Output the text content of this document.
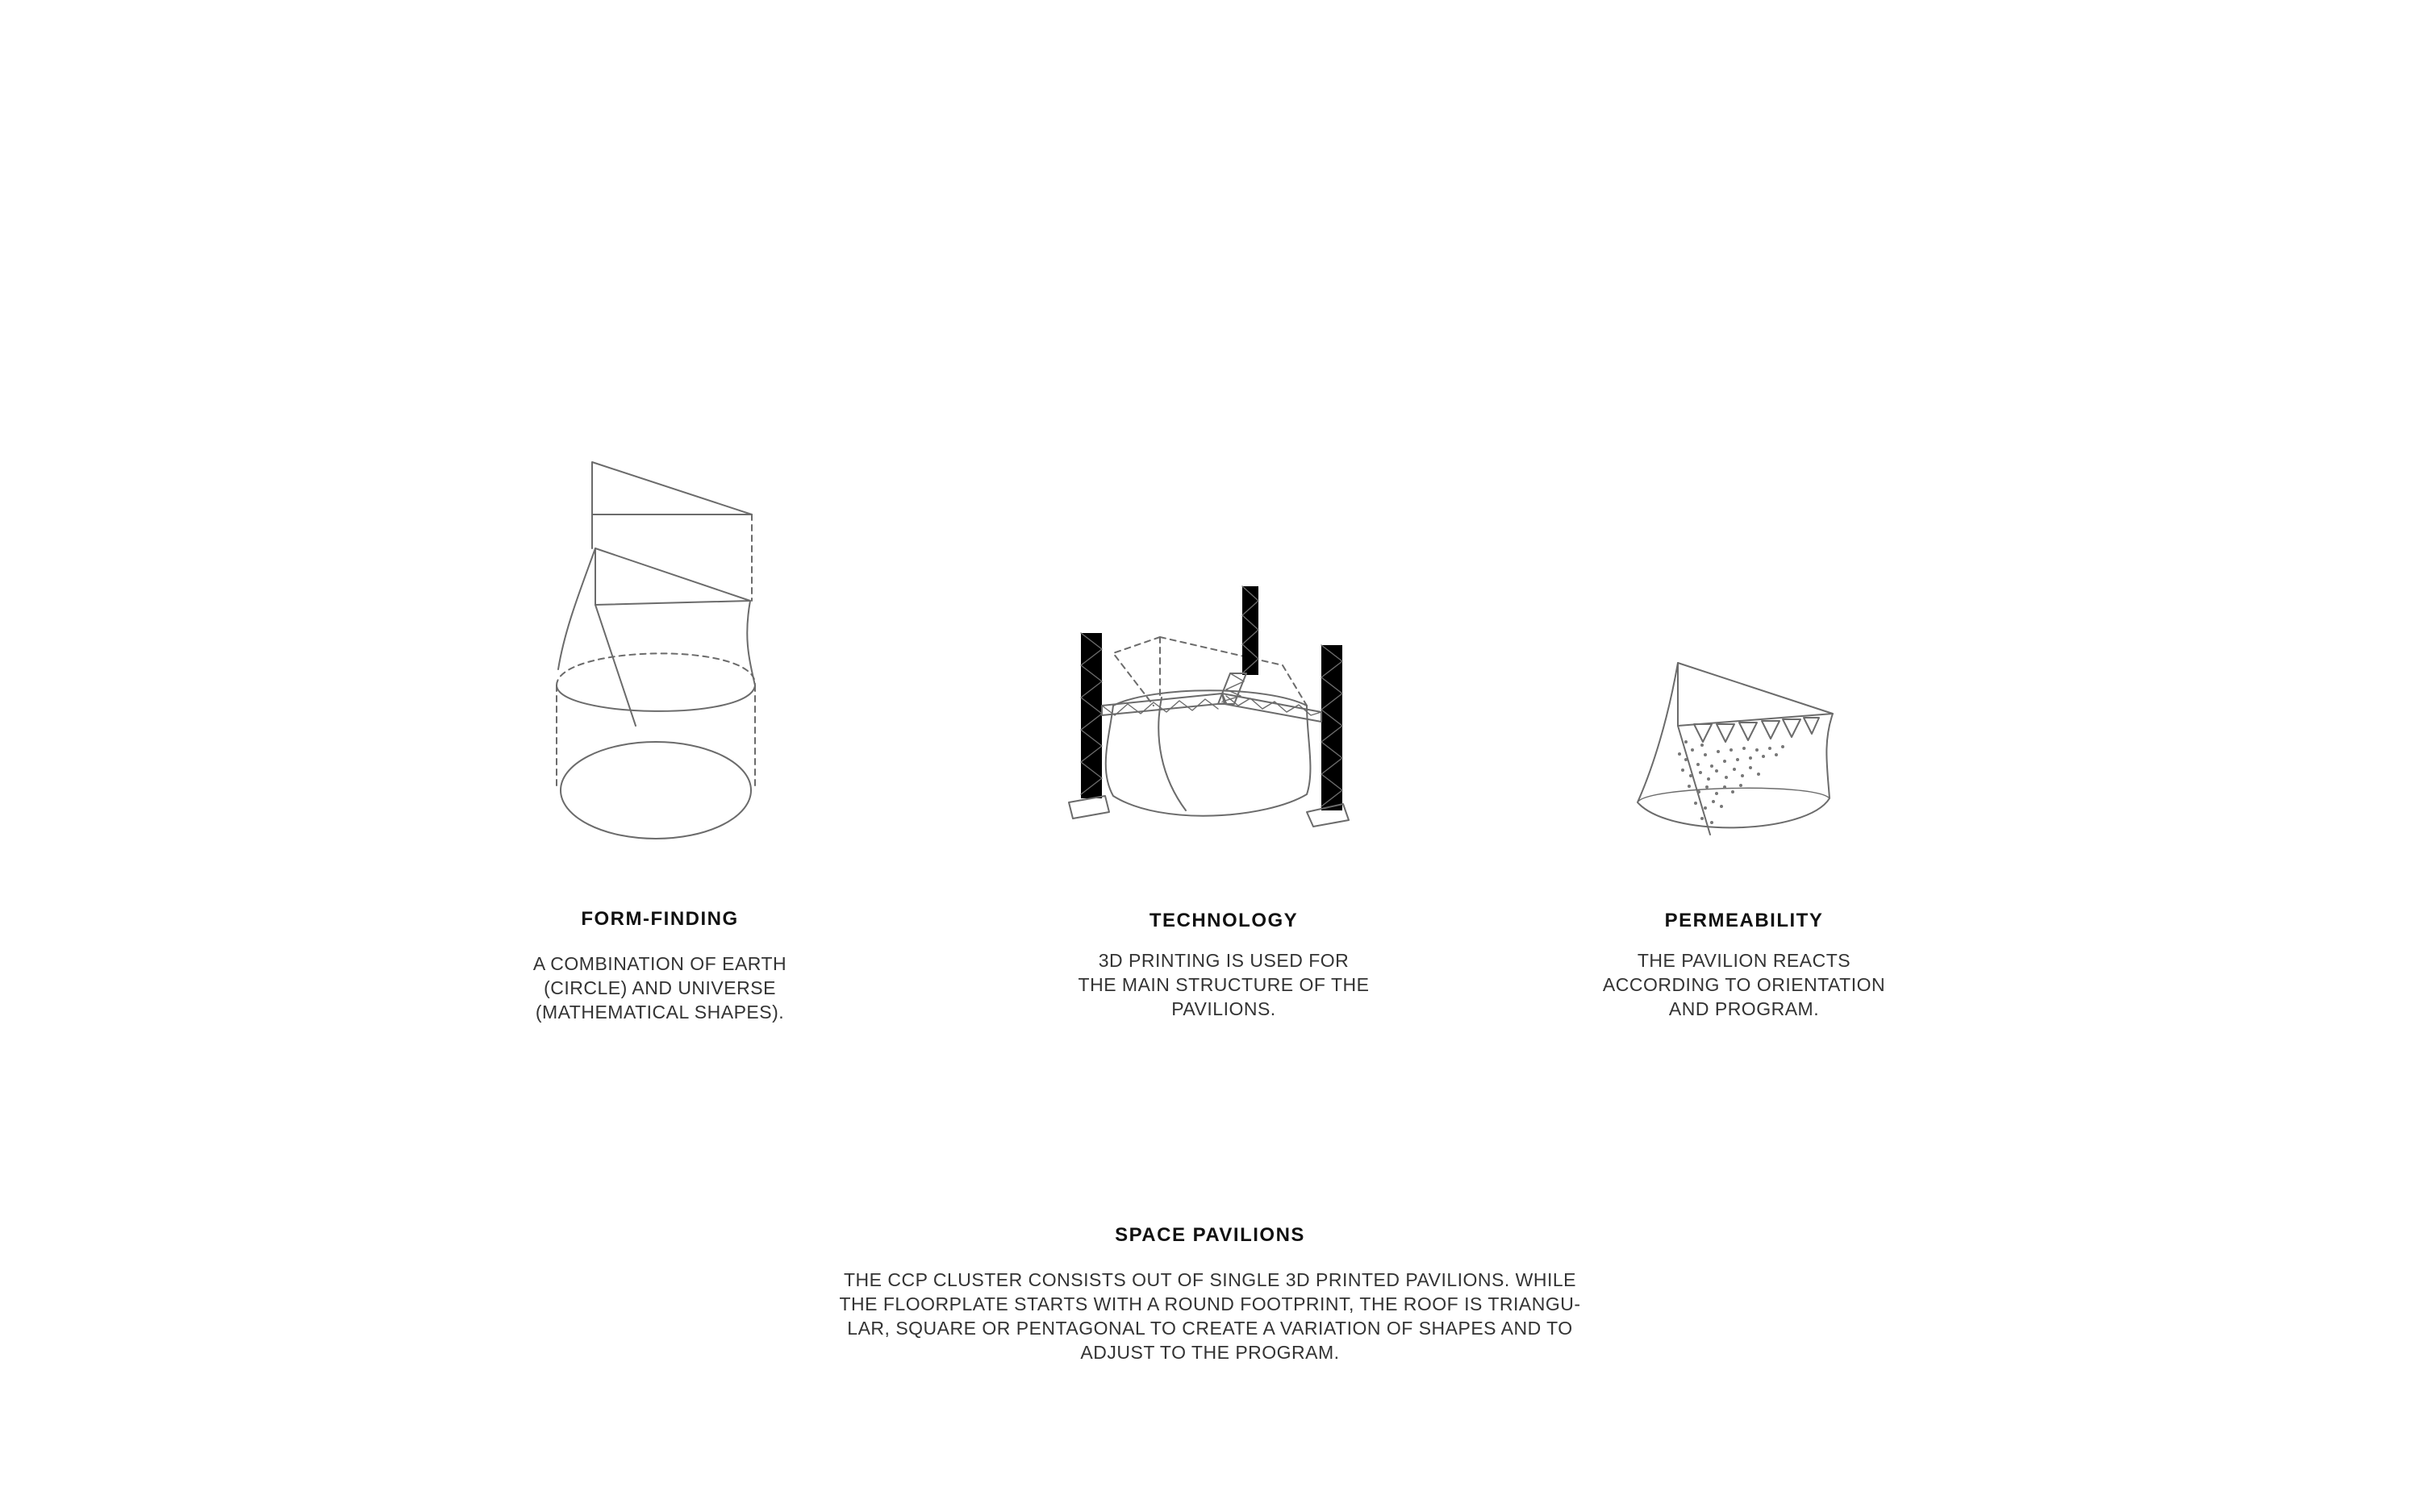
FORM-FINDING

A COMBINATION OF EARTH
(CIRCLE) AND UNIVERSE
(MATHEMATICAL SHAPES).

TECHNOLOGY

3D PRINTING IS USED FOR
THE MAIN STRUCTURE OF THE
PAVILIONS.

PERMEABILITY

THE PAVILION REACTS
ACCORDING TO ORIENTATION
AND PROGRAM.

SPACE PAVILIONS

THE CCP CLUSTER CONSISTS OUT OF SINGLE 3D PRINTED PAVILIONS. WHILE
THE FLOORPLATE STARTS WITH A ROUND FOOTPRINT, THE ROOF IS TRIANGU-
LAR, SQUARE OR PENTAGONAL TO CREATE A VARIATION OF SHAPES AND TO
ADJUST TO THE PROGRAM.
